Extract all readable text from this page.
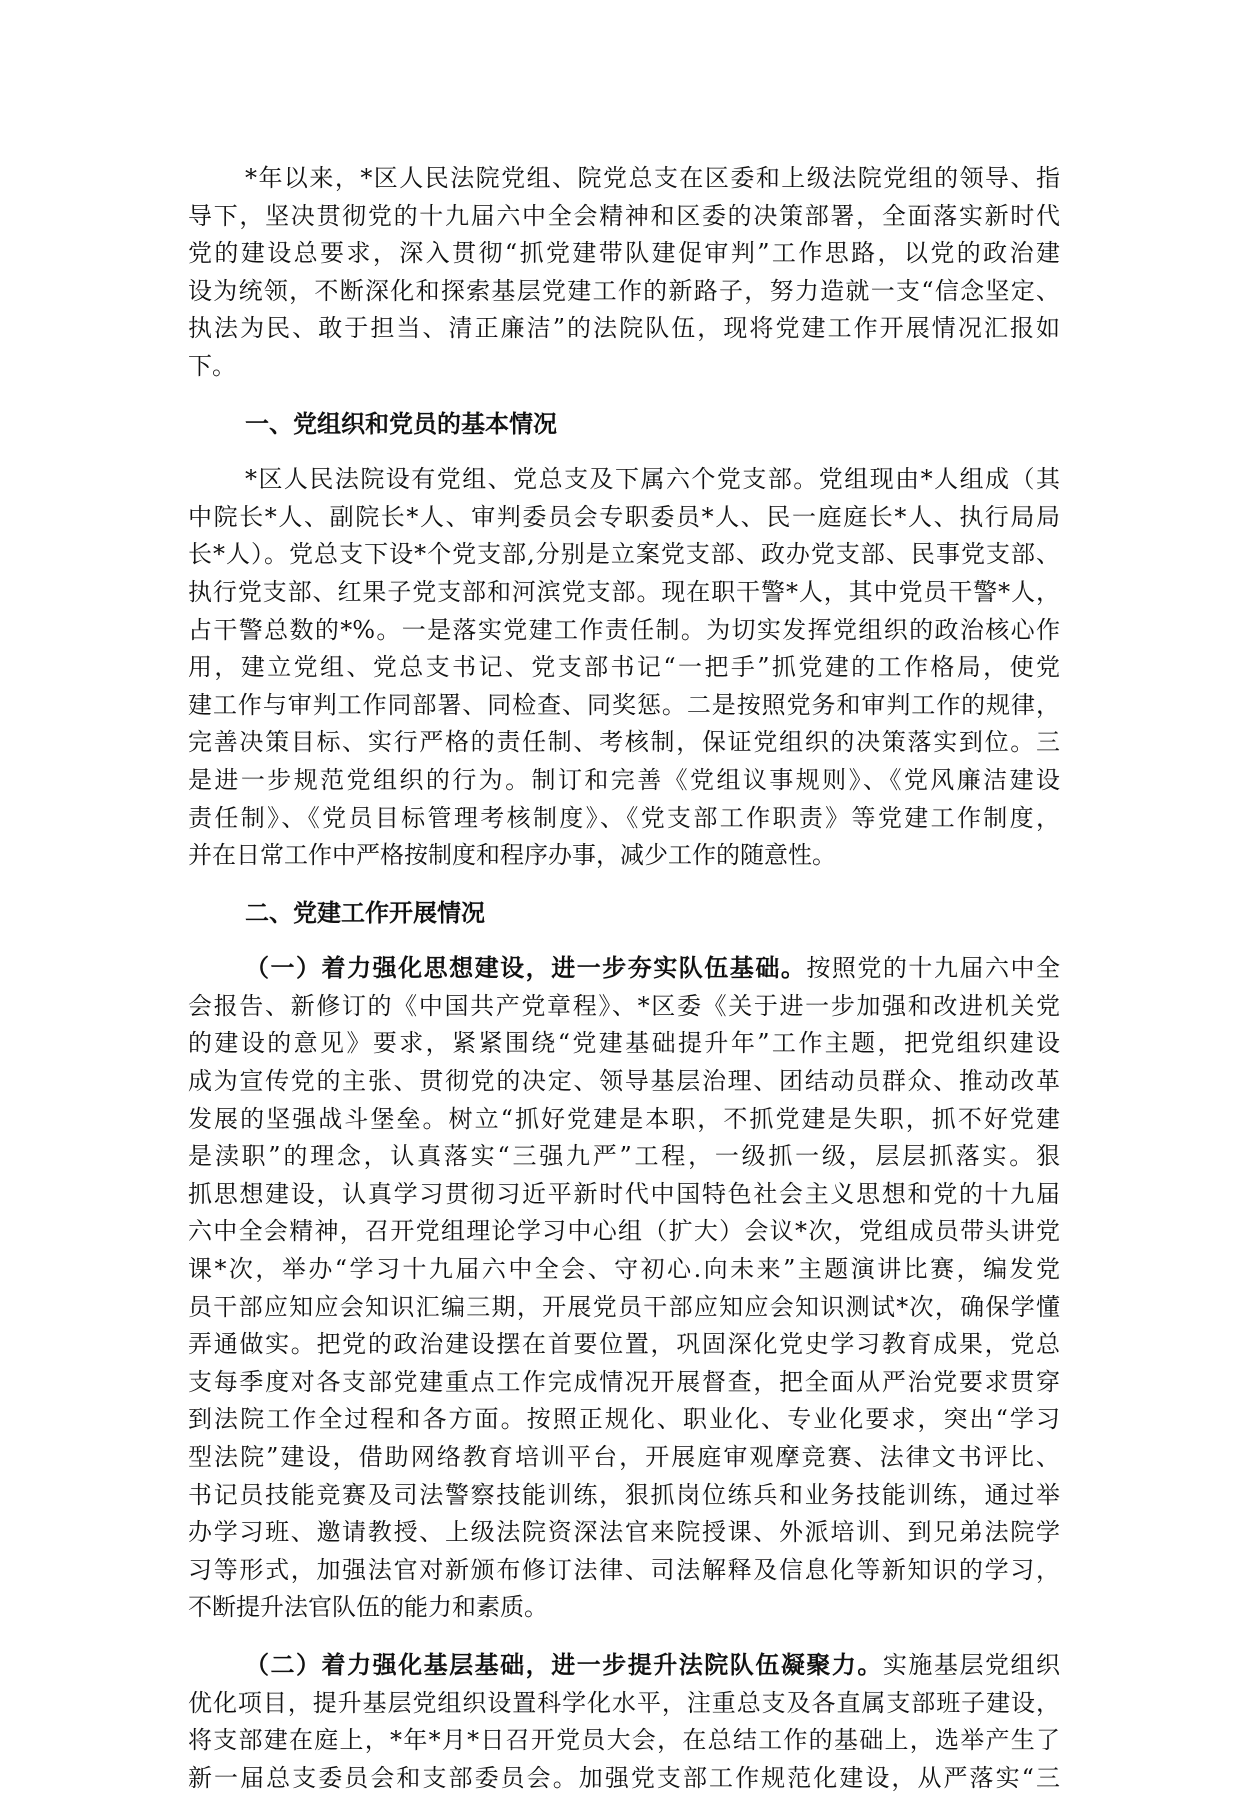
*年以来，*区人民法院党组、院党总支在区委和上级法院党组的领导、指
导下，坚决贯彻党的十九届六中全会精神和区委的决策部署，全面落实新时代
党的建设总要求，深入贯彻“抓党建带队建促审判”工作思路，以党的政治建
设为统领，不断深化和探索基层党建工作的新路子，努力造就一支“信念坚定、
执法为民、敢于担当、清正廉洁”的法院队伍，现将党建工作开展情况汇报如
下。
一、党组织和党员的基本情况
*区人民法院设有党组、党总支及下属六个党支部。党组现由*人组成（其
中院长*人、副院长*人、审判委员会专职委员*人、民一庭庭长*人、执行局局
长*人）。党总支下设*个党支部,分别是立案党支部、政办党支部、民事党支部、
执行党支部、红果子党支部和河滨党支部。现在职干警*人，其中党员干警*人，
占干警总数的*%。一是落实党建工作责任制。为切实发挥党组织的政治核心作
用，建立党组、党总支书记、党支部书记“一把手”抓党建的工作格局，使党
建工作与审判工作同部署、同检查、同奖惩。二是按照党务和审判工作的规律，
完善决策目标、实行严格的责任制、考核制，保证党组织的决策落实到位。三
是进一步规范党组织的行为。制订和完善《党组议事规则》、《党风廉洁建设
责任制》、《党员目标管理考核制度》、《党支部工作职责》等党建工作制度，
并在日常工作中严格按制度和程序办事，减少工作的随意性。
二、党建工作开展情况
（一）着力强化思想建设，进一步夯实队伍基础。按照党的十九届六中全
会报告、新修订的《中国共产党章程》、*区委《关于进一步加强和改进机关党
的建设的意见》要求，紧紧围绕“党建基础提升年”工作主题，把党组织建设
成为宣传党的主张、贯彻党的决定、领导基层治理、团结动员群众、推动改革
发展的坚强战斗堡垒。树立“抓好党建是本职，不抓党建是失职，抓不好党建
是渎职”的理念，认真落实“三强九严”工程，一级抓一级，层层抓落实。狠
抓思想建设，认真学习贯彻习近平新时代中国特色社会主义思想和党的十九届
六中全会精神，召开党组理论学习中心组（扩大）会议*次，党组成员带头讲党
课*次，举办“学习十九届六中全会、守初心.向未来”主题演讲比赛，编发党
员干部应知应会知识汇编三期，开展党员干部应知应会知识测试*次，确保学懂
弄通做实。把党的政治建设摆在首要位置，巩固深化党史学习教育成果，党总
支每季度对各支部党建重点工作完成情况开展督查，把全面从严治党要求贯穿
到法院工作全过程和各方面。按照正规化、职业化、专业化要求，突出“学习
型法院”建设，借助网络教育培训平台，开展庭审观摩竞赛、法律文书评比、
书记员技能竞赛及司法警察技能训练，狠抓岗位练兵和业务技能训练，通过举
办学习班、邀请教授、上级法院资深法官来院授课、外派培训、到兄弟法院学
习等形式，加强法官对新颁布修订法律、司法解释及信息化等新知识的学习，
不断提升法官队伍的能力和素质。
（二）着力强化基层基础，进一步提升法院队伍凝聚力。实施基层党组织
优化项目，提升基层党组织设置科学化水平，注重总支及各直属支部班子建设，
将支部建在庭上，*年*月*日召开党员大会，在总结工作的基础上，选举产生了
新一届总支委员会和支部委员会。加强党支部工作规范化建设，从严落实“三
